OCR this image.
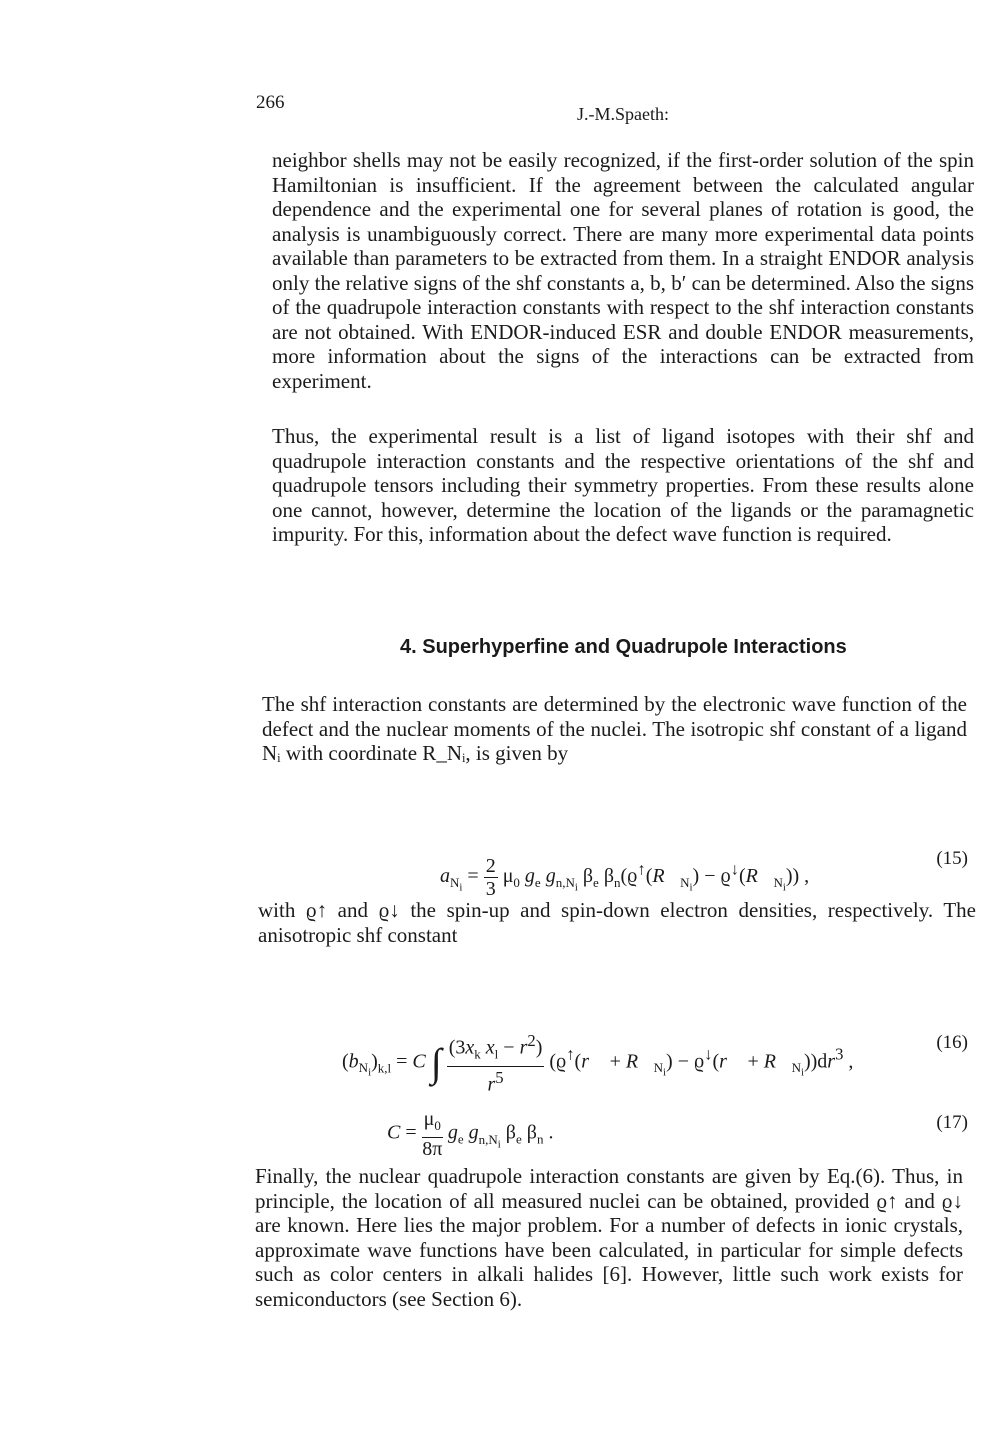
266
J.-M.Spaeth:

neighbor shells may not be easily recognized, if the first-order solution of the spin Hamiltonian is insufficient. If the agreement between the calculated angular dependence and the experimental one for several planes of rotation is good, the analysis is unambiguously correct. There are many more experimental data points available than parameters to be extracted from them. In a straight ENDOR analysis only the relative signs of the shf constants a, b, b′ can be determined. Also the signs of the quadrupole interaction constants with respect to the shf interaction constants are not obtained. With ENDOR-induced ESR and double ENDOR measurements, more information about the signs of the interactions can be extracted from experiment.

Thus, the experimental result is a list of ligand isotopes with their shf and quadrupole interaction constants and the respective orientations of the shf and quadrupole tensors including their symmetry properties. From these results alone one cannot, however, determine the location of the ligands or the paramagnetic impurity. For this, information about the defect wave function is required.

4. Superhyperfine and Quadrupole Interactions

The shf interaction constants are determined by the electronic wave function of the defect and the nuclear moments of the nuclei. The isotropic shf constant of a ligand Nᵢ with coordinate R_Nᵢ, is given by

$a_{N_i} = \frac{2}{3} \mu_0$ $g_e$ $g_{n,N_i}$ $\beta_e$ $\beta_n(ϱ^↑(R⃗_{N_i})$ − $ϱ^↓(R⃗_{N_i})$) ,
(15)

with ϱ↑ and ϱ↓ the spin-up and spin-down electron densities, respectively. The anisotropic shf constant

$(b_{N_i})_{k,l} = C$ ∫ $\frac{(3x_k x_l - r^2)}{r^5}$ (ϱ↑(r⃗ + $R⃗_{N_i}$) − ϱ↓(r⃗ + $R⃗_{N_i}))dr^3$ ,
(16)
$C = \frac{\mu_0}{8\pi} g_e$ $g_{n,N_i}$ $\beta_e$ $\beta_n$ .	(17)

Finally, the nuclear quadrupole interaction constants are given by Eq.(6). Thus, in principle, the location of all measured nuclei can be obtained, provided ϱ↑ and ϱ↓ are known. Here lies the major problem. For a number of defects in ionic crystals, approximate wave functions have been calculated, in particular for simple defects such as color centers in alkali halides [6]. However, little such work exists for semiconductors (see Section 6).
